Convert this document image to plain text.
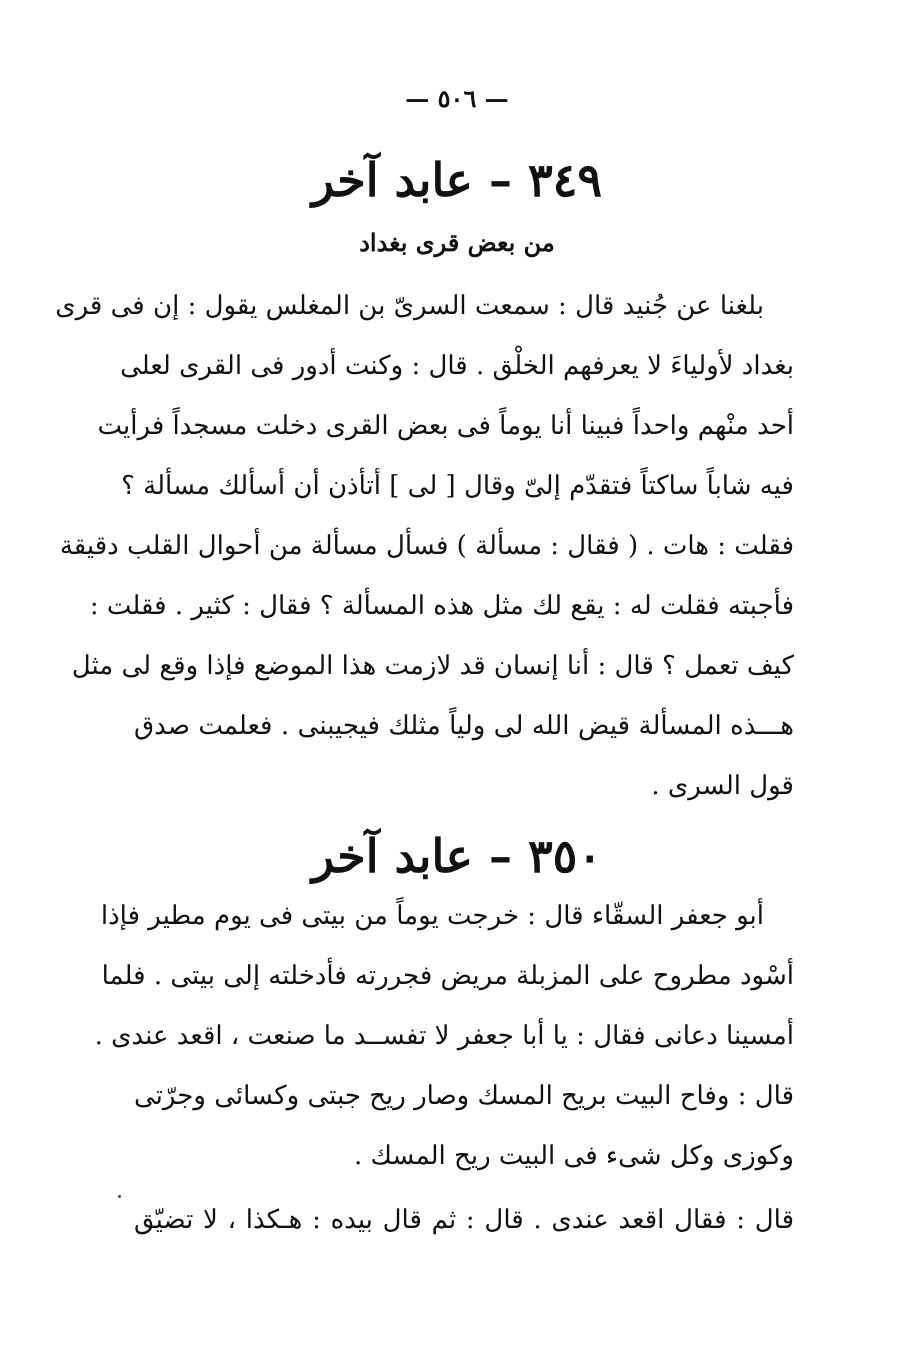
— ٥٠٦ —
٣٤٩ – عابد آخر
من بعض قرى بغداد
بلغنا عن جُنيد قال : سمعت السرىّ بن المغلس يقول : إن فى قرى
بغداد لأولياءَ لا يعرفهم الخلْق . قال : وكنت أدور فى القرى لعلى
أحد منْهم واحداً فبينا أنا يوماً فى بعض القرى دخلت مسجداً فرأيت
فيه شاباً ساكتاً فتقدّم إلىّ وقال [ لى ] أتأذن أن أسألك مسألة ؟
فقلت : هات . ( فقال : مسألة ) فسأل مسألة من أحوال القلب دقيقة
فأجبته فقلت له : يقع لك مثل هذه المسألة ؟ فقال : كثير . فقلت :
كيف تعمل ؟ قال : أنا إنسان قد لازمت هذا الموضع فإذا وقع لى مثل
هـــذه المسألة قيض الله لى ولياً مثلك فيجيبنى . فعلمت صدق
قول السرى .
٣٥٠ – عابد آخر
أبو جعفر السقّاء قال : خرجت يوماً من بيتى فى يوم مطير فإذا
أسْود مطروح على المزبلة مريض فجررته فأدخلته إلى بيتى . فلما
أمسينا دعانى فقال : يا أبا جعفر لا تفســد ما صنعت ، اقعد عندى .
قال : وفاح البيت بريح المسك وصار ريح جبتى وكسائى وجرّتى
وكوزى وكل شىء فى البيت ريح المسك .
قال : فقال اقعد عندى . قال : ثم قال بيده : هـكذا ، لا تضيّق
